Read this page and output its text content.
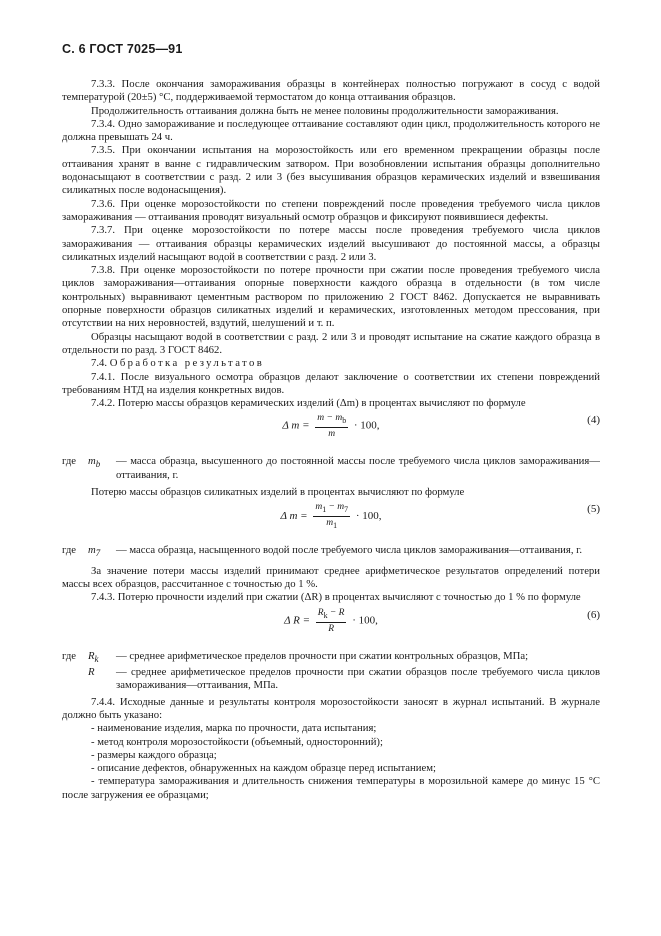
С. 6 ГОСТ 7025—91

7.3.3. После окончания замораживания образцы в контейнерах полностью погружают в сосуд с водой температурой (20±5) °С, поддерживаемой термостатом до конца оттаивания образцов.

Продолжительность оттаивания должна быть не менее половины продолжительности замораживания.

7.3.4. Одно замораживание и последующее оттаивание составляют один цикл, продолжительность которого не должна превышать 24 ч.

7.3.5. При окончании испытания на морозостойкость или его временном прекращении образцы после оттаивания хранят в ванне с гидравлическим затвором. При возобновлении испытания образцы дополнительно водонасыщают в соответствии с разд. 2 или 3 (без высушивания образцов керамических изделий и взвешивания силикатных после водонасыщения).

7.3.6. При оценке морозостойкости по степени повреждений после проведения требуемого числа циклов замораживания — оттаивания проводят визуальный осмотр образцов и фиксируют появившиеся дефекты.

7.3.7. При оценке морозостойкости по потере массы после проведения требуемого числа циклов замораживания — оттаивания образцы керамических изделий высушивают до постоянной массы, а образцы силикатных изделий насыщают водой в соответствии с разд. 2 или 3.

7.3.8. При оценке морозостойкости по потере прочности при сжатии после проведения требуемого числа циклов замораживания—оттаивания опорные поверхности каждого образца в отдельности (в том числе контрольных) выравнивают цементным раствором по приложению 2 ГОСТ 8462. Допускается не выравнивать опорные поверхности образцов силикатных изделий и керамических, изготовленных методом прессования, при отсутствии на них неровностей, вздутий, шелушений и т. п.

Образцы насыщают водой в соответствии с разд. 2 или 3 и проводят испытание на сжатие каждого образца в отдельности по разд. 3 ГОСТ 8462.

7.4. Обработка результатов

7.4.1. После визуального осмотра образцов делают заключение о соответствии их степени повреждений требованиям НТД на изделия конкретных видов.

7.4.2. Потерю массы образцов керамических изделий (Δm) в процентах вычисляют по формуле

Δ $m = \frac{m - m_b}{m} \cdot 100$,	(4)
где	$m_b$	— масса образца, высушенного до постоянной массы после требуемого числа циклов замораживания—оттаивания, г.

Потерю массы образцов силикатных изделий в процентах вычисляют по формуле

Δ $m = \frac{m_1 - m_7}{m_1} \cdot 100$,
(5)
где	$m_7$	— масса образца, насыщенного водой после требуемого числа циклов замораживания—оттаивания, г.

За значение потери массы изделий принимают среднее арифметическое результатов определений потери массы всех образцов, рассчитанное с точностью до 1 %.

7.4.3. Потерю прочности изделий при сжатии (ΔR) в процентах вычисляют с точностью до 1 % по формуле

Δ $R = \frac{R_k - R}{R} \cdot 100$,	(6)
где	$R_k$	— среднее арифметическое пределов прочности при сжатии контрольных образцов, МПа;
R	— среднее арифметическое пределов прочности при сжатии образцов после требуемого числа циклов замораживания—оттаивания, МПа.

7.4.4. Исходные данные и результаты контроля морозостойкости заносят в журнал испытаний. В журнале должно быть указано:

- наименование изделия, марка по прочности, дата испытания;

- метод контроля морозостойкости (объемный, односторонний);

- размеры каждого образца;

- описание дефектов, обнаруженных на каждом образце перед испытанием;

- температура замораживания и длительность снижения температуры в морозильной камере до минус 15 °С после загружения ее образцами;
